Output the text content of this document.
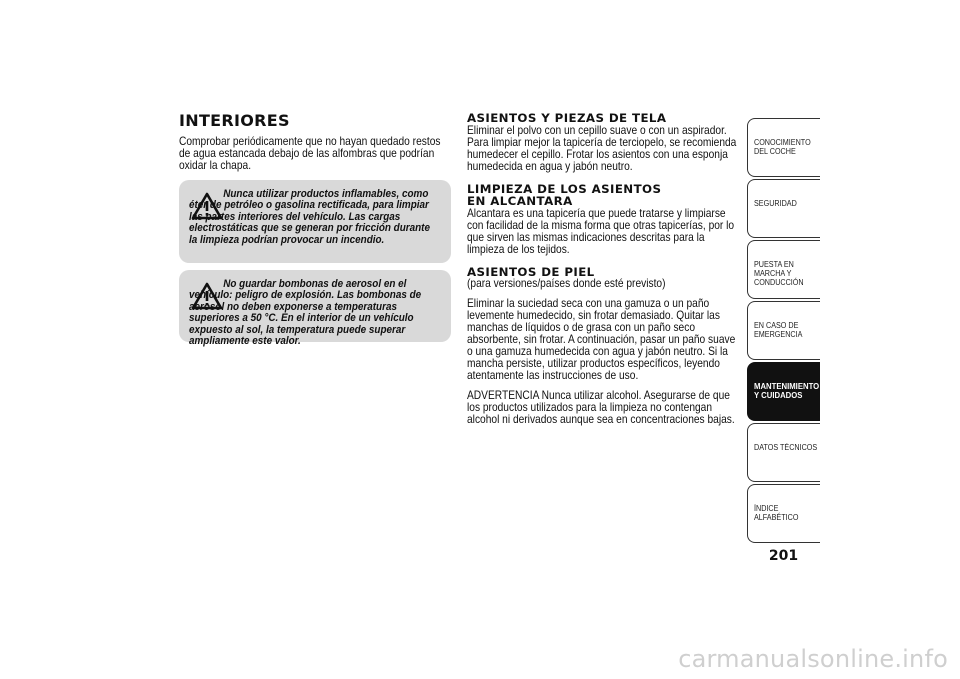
INTERIORES

Comprobar periódicamente que no hayan quedado restos de agua estancada debajo de las alfombras que podrían oxidar la chapa.

Nunca utilizar productos inflamables, como éter de petróleo o gasolina rectificada, para limpiar las partes interiores del vehículo. Las cargas electrostáticas que se generan por fricción durante la limpieza podrían provocar un incendio.

No guardar bombonas de aerosol en el vehículo: peligro de explosión. Las bombonas de aerosol no deben exponerse a temperaturas superiores a 50 °C. En el interior de un vehículo expuesto al sol, la temperatura puede superar ampliamente este valor.

ASIENTOS Y PIEZAS DE TELA

Eliminar el polvo con un cepillo suave o con un aspirador. Para limpiar mejor la tapicería de terciopelo, se recomienda humedecer el cepillo. Frotar los asientos con una esponja humedecida en agua y jabón neutro.

LIMPIEZA DE LOS ASIENTOS
EN ALCANTARA

Alcantara es una tapicería que puede tratarse y limpiarse con facilidad de la misma forma que otras tapicerías, por lo que sirven las mismas indicaciones descritas para la limpieza de los tejidos.

ASIENTOS DE PIEL

(para versiones/países donde esté previsto)

Eliminar la suciedad seca con una gamuza o un paño levemente humedecido, sin frotar demasiado. Quitar las manchas de líquidos o de grasa con un paño seco absorbente, sin frotar. A continuación, pasar un paño suave o una gamuza humedecida con agua y jabón neutro. Si la mancha persiste, utilizar productos específicos, leyendo atentamente las instrucciones de uso.

ADVERTENCIA Nunca utilizar alcohol. Asegurarse de que los productos utilizados para la limpieza no contengan alcohol ni derivados aunque sea en concentraciones bajas.

CONOCIMIENTO DEL COCHE
SEGURIDAD
PUESTA EN MARCHA Y CONDUCCIÓN
EN CASO DE EMERGENCIA
MANTENIMIENTO Y CUIDADOS
DATOS TÉCNICOS
ÍNDICE ALFABÉTICO
201
carmanualsonline.info
